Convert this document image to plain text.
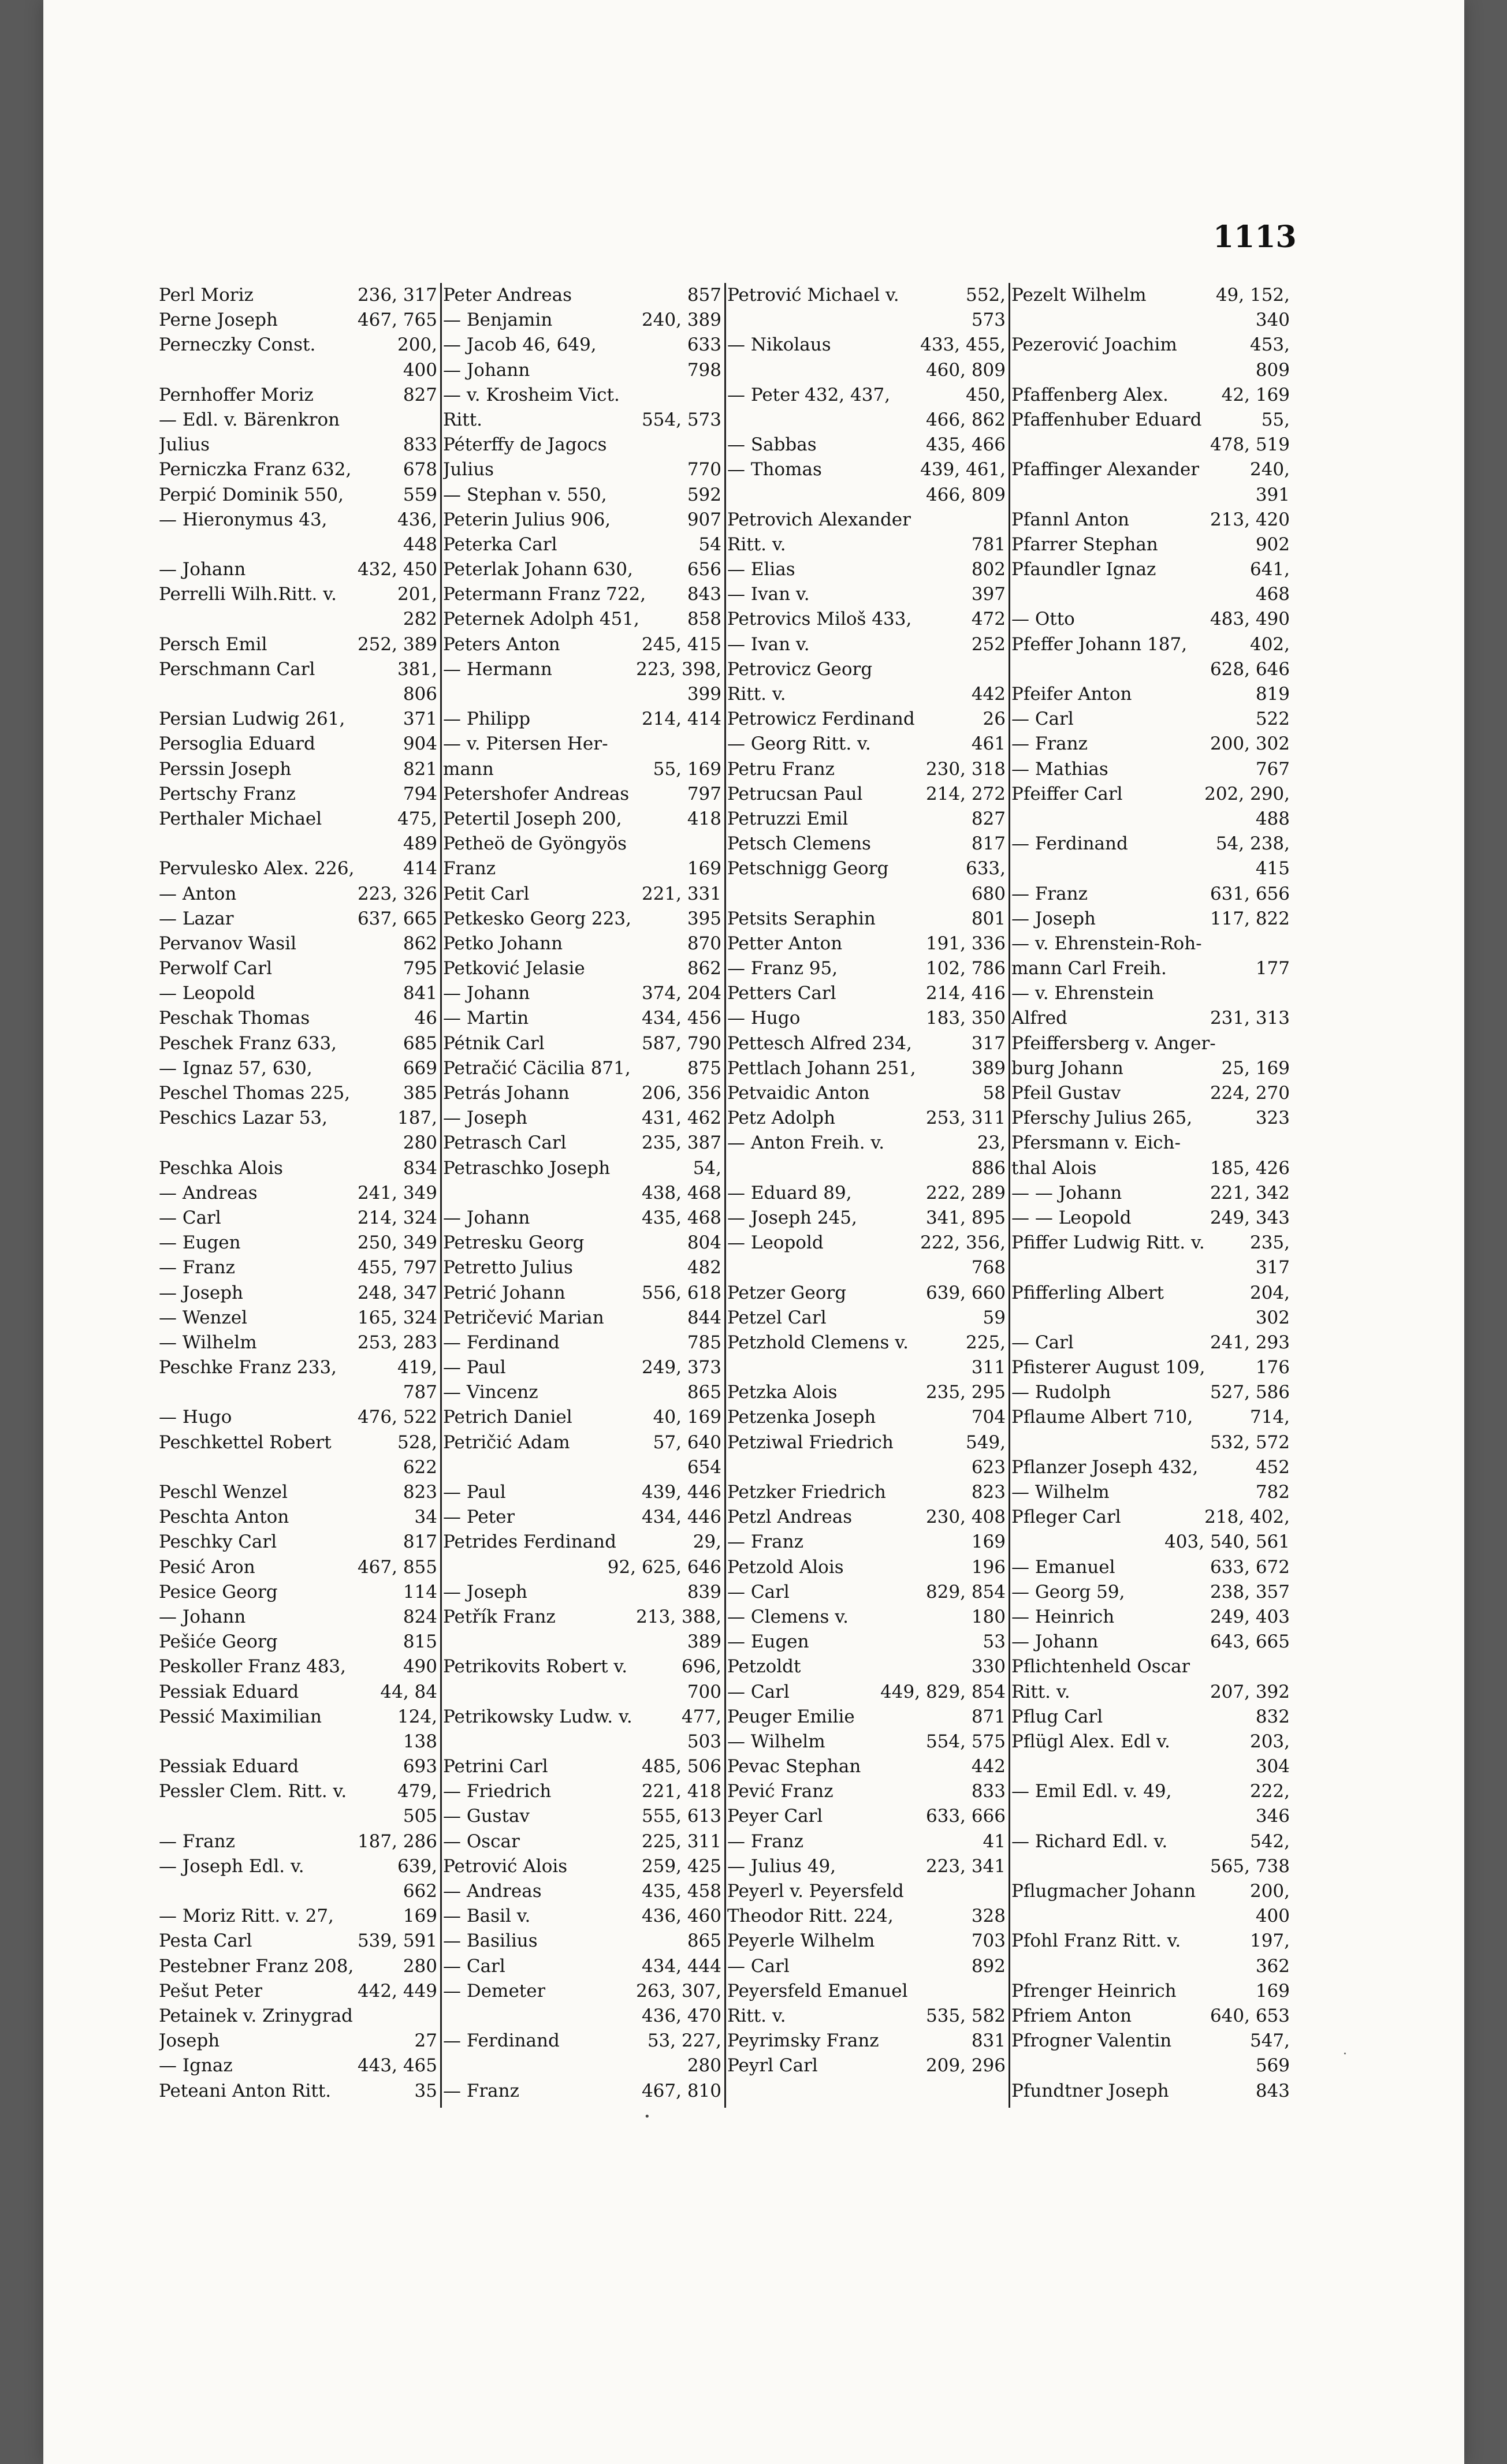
1113
Perl Moriz	236, 317
Perne Joseph	467, 765
Perneczky Const.	200,
400
Pernhoffer Moriz	827
— Edl. v. Bärenkron
Julius	833
Perniczka Franz 632,	678
Perpić Dominik 550,	559
— Hieronymus 43,	436,
448
— Johann	432, 450
Perrelli Wilh.Ritt. v.	201,
282
Persch Emil	252, 389
Perschmann Carl	381,
806
Persian Ludwig 261,	371
Persoglia Eduard	904
Perssin Joseph	821
Pertschy Franz	794
Perthaler Michael	475,
489
Pervulesko Alex. 226,	414
— Anton	223, 326
— Lazar	637, 665
Pervanov Wasil	862
Perwolf Carl	795
— Leopold	841
Peschak Thomas	46
Peschek Franz 633,	685
— Ignaz 57, 630,	669
Peschel Thomas 225,	385
Peschics Lazar 53,	187,
280
Peschka Alois	834
— Andreas	241, 349
— Carl	214, 324
— Eugen	250, 349
— Franz	455, 797
— Joseph	248, 347
— Wenzel	165, 324
— Wilhelm	253, 283
Peschke Franz 233,	419,
787
— Hugo	476, 522
Peschkettel Robert	528,
622
Peschl Wenzel	823
Peschta Anton	34
Peschky Carl	817
Pesić Aron	467, 855
Pesice Georg	114
— Johann	824
Pešiće Georg	815
Peskoller Franz 483,	490
Pessiak Eduard	44, 84
Pessić Maximilian	124,
138
Pessiak Eduard	693
Pessler Clem. Ritt. v.	479,
505
— Franz	187, 286
— Joseph Edl. v.	639,
662
— Moriz Ritt. v. 27,	169
Pesta Carl	539, 591
Pestebner Franz 208,	280
Pešut Peter	442, 449
Petainek v. Zrinygrad
Joseph	27
— Ignaz	443, 465
Peteani Anton Ritt.	35
Peter Andreas	857
— Benjamin	240, 389
— Jacob 46, 649,	633
— Johann	798
— v. Krosheim Vict.
Ritt.	554, 573
Péterffy de Jagocs
Julius	770
— Stephan v. 550,	592
Peterin Julius 906,	907
Peterka Carl	54
Peterlak Johann 630,	656
Petermann Franz 722, 843
Peternek Adolph 451,	858
Peters Anton	245, 415
— Hermann	223, 398,
399
— Philipp	214, 414
— v. Pitersen Her-
mann	55, 169
Petershofer Andreas	797
Petertil Joseph 200,	418
Petheö de Gyöngyös
Franz	169
Petit Carl	221, 331
Petkesko Georg 223,	395
Petko Johann	870
Petković Jelasie	862
— Johann	374, 204
— Martin	434, 456
Pétnik Carl	587, 790
Petračić Cäcilia 871,	875
Petrás Johann	206, 356
— Joseph	431, 462
Petrasch Carl	235, 387
Petraschko Joseph	54,
438, 468
— Johann	435, 468
Petresku Georg	804
Petretto Julius	482
Petrić Johann	556, 618
Petričević Marian	844
— Ferdinand	785
— Paul	249, 373
— Vincenz	865
Petrich Daniel	40, 169
Petričić Adam	57, 640
654
— Paul	439, 446
— Peter	434, 446
Petrides Ferdinand	29,
92, 625, 646
— Joseph	839
Petřík Franz	213, 388,
389
Petrikovits Robert v.	696,
700
Petrikowsky Ludw. v.	477,
503
Petrini Carl	485, 506
— Friedrich	221, 418
— Gustav	555, 613
— Oscar	225, 311
Petrović Alois	259, 425
— Andreas	435, 458
— Basil v.	436, 460
— Basilius	865
— Carl	434, 444
— Demeter	263, 307,
436, 470
— Ferdinand	53, 227,
280
— Franz	467, 810
Petrović Michael v.	552,
573
— Nikolaus	433, 455,
460, 809
— Peter 432, 437,	450,
466, 862
— Sabbas	435, 466
— Thomas	439, 461,
466, 809
Petrovich Alexander
Ritt. v.	781
— Elias	802
— Ivan v.	397
Petrovics Miloš 433,	472
— Ivan v.	252
Petrovicz Georg
Ritt. v.	442
Petrowicz Ferdinand	26
— Georg Ritt. v.	461
Petru Franz	230, 318
Petrucsan Paul	214, 272
Petruzzi Emil	827
Petsch Clemens	817
Petschnigg Georg	633,
680
Petsits Seraphin	801
Petter Anton	191, 336
— Franz 95,	102, 786
Petters Carl	214, 416
— Hugo	183, 350
Pettesch Alfred 234,	317
Pettlach Johann 251,	389
Petvaidic Anton	58
Petz Adolph	253, 311
— Anton Freih. v.	23,
886
— Eduard 89,	222, 289
— Joseph 245,	341, 895
— Leopold	222, 356,
768
Petzer Georg	639, 660
Petzel Carl	59
Petzhold Clemens v.	225,
311
Petzka Alois	235, 295
Petzenka Joseph	704
Petziwal Friedrich	549,
623
Petzker Friedrich	823
Petzl Andreas	230, 408
— Franz	169
Petzold Alois	196
— Carl	829, 854
— Clemens v.	180
— Eugen	53
Petzoldt	330
— Carl	449, 829, 854
Peuger Emilie	871
— Wilhelm	554, 575
Pevac Stephan	442
Pević Franz	833
Peyer Carl	633, 666
— Franz	41
— Julius 49,	223, 341
Peyerl v. Peyersfeld
Theodor Ritt. 224,	328
Peyerle Wilhelm	703
— Carl	892
Peyersfeld Emanuel
Ritt. v.	535, 582
Peyrimsky Franz	831
Peyrl Carl	209, 296
Pezelt Wilhelm	49, 152,
340
Pezerović Joachim	453,
809
Pfaffenberg Alex.	42, 169
Pfaffenhuber Eduard	55,
478, 519
Pfaffinger Alexander	240,
391
Pfannl Anton	213, 420
Pfarrer Stephan	902
Pfaundler Ignaz	641,
468
— Otto	483, 490
Pfeffer Johann 187,	402,
628, 646
Pfeifer Anton	819
— Carl	522
— Franz	200, 302
— Mathias	767
Pfeiffer Carl	202, 290,
488
— Ferdinand	54, 238,
415
— Franz	631, 656
— Joseph	117, 822
— v. Ehrenstein-Roh-
mann Carl Freih.	177
— v. Ehrenstein
Alfred	231, 313
Pfeiffersberg v. Anger-
burg Johann	25, 169
Pfeil Gustav	224, 270
Pferschy Julius 265,	323
Pfersmann v. Eich-
thal Alois	185, 426
— — Johann	221, 342
— — Leopold	249, 343
Pfiffer Ludwig Ritt. v.	235,
317
Pfifferling Albert	204,
302
— Carl	241, 293
Pfisterer August 109,	176
— Rudolph	527, 586
Pflaume Albert 710,	714,
532, 572
Pflanzer Joseph 432,	452
— Wilhelm	782
Pfleger Carl	218, 402,
403, 540, 561
— Emanuel	633, 672
— Georg 59,	238, 357
— Heinrich	249, 403
— Johann	643, 665
Pflichtenheld Oscar
Ritt. v.	207, 392
Pflug Carl	832
Pflügl Alex. Edl v.	203,
304
— Emil Edl. v. 49,	222,
346
— Richard Edl. v.	542,
565, 738
Pflugmacher Johann	200,
400
Pfohl Franz Ritt. v.	197,
362
Pfrenger Heinrich	169
Pfriem Anton	640, 653
Pfrogner Valentin	547,
569
Pfundtner Joseph	843
•
·
